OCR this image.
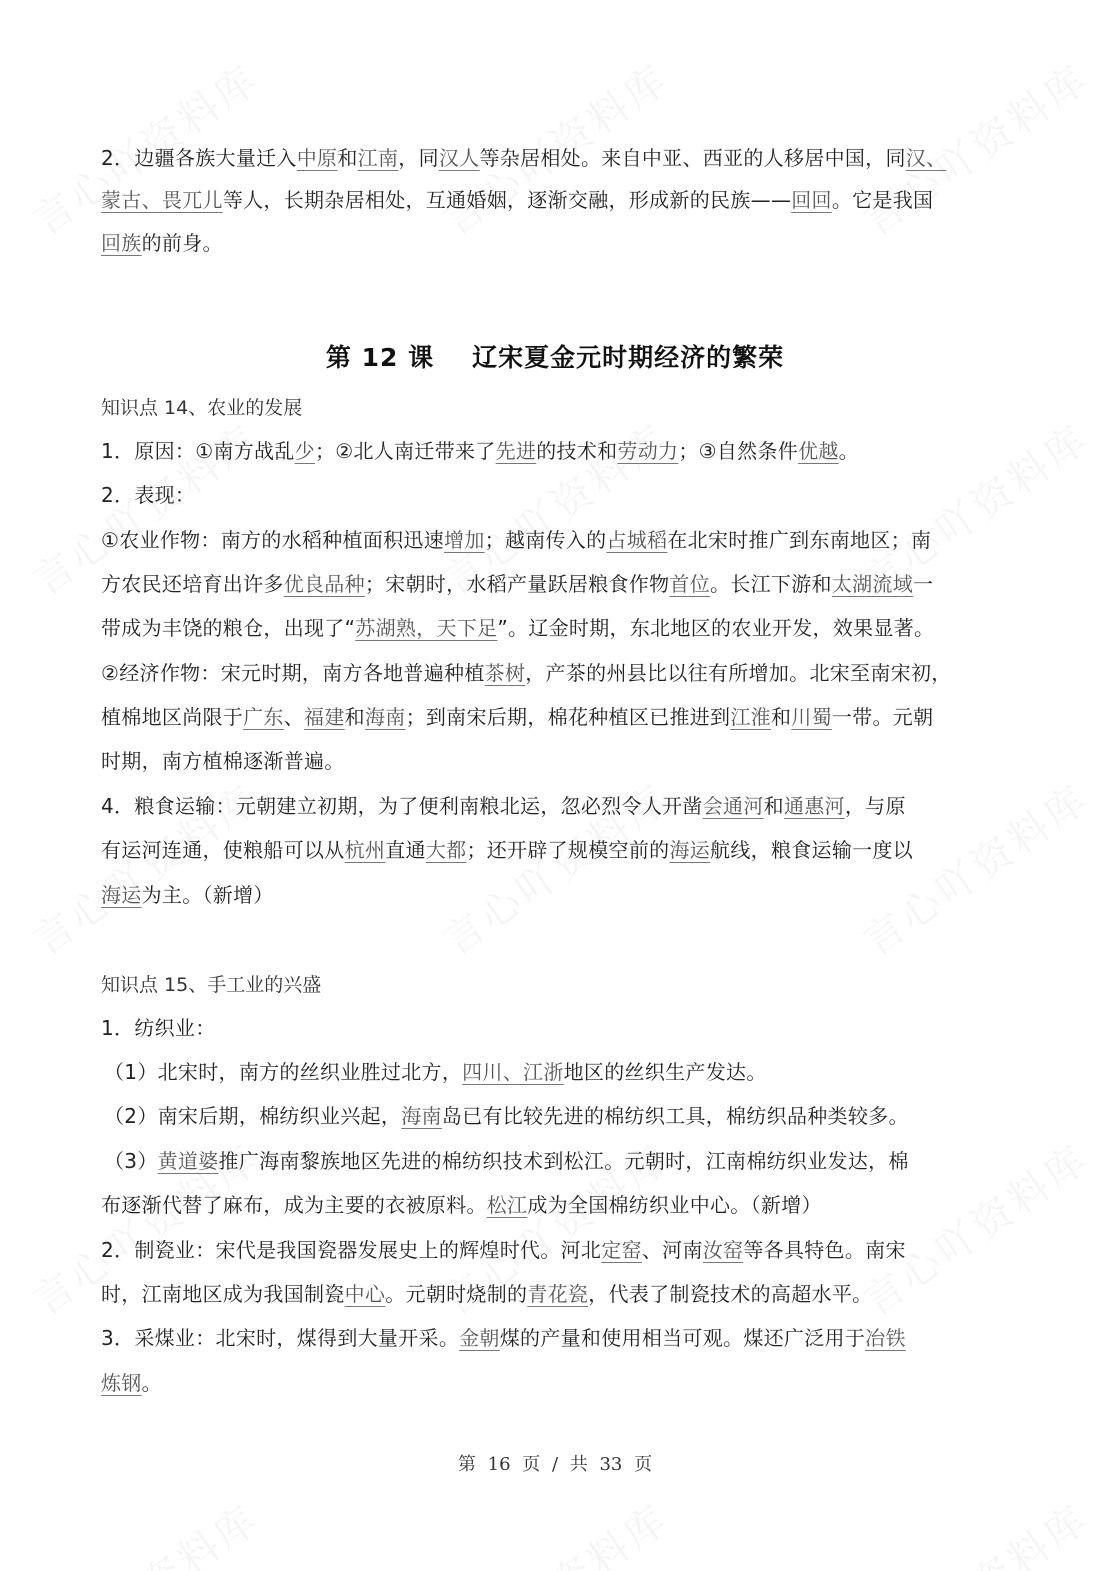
第 12 课 辽宋夏金元时期经济的繁荣
知识点 14、农业的发展
知识点 15、手工业的兴盛
2．边疆各族大量迁入中原和江南，同汉人等杂居相处。来自中亚、西亚的人移居中国，同汉、
蒙古、畏兀儿等人，长期杂居相处，互通婚姻，逐渐交融，形成新的民族——回回。它是我国
回族的前身。
1．原因：①南方战乱少；②北人南迁带来了先进的技术和劳动力；③自然条件优越。
2．表现：
①农业作物：南方的水稻种植面积迅速增加；越南传入的占城稻在北宋时推广到东南地区；南
方农民还培育出许多优良品种；宋朝时，水稻产量跃居粮食作物首位。长江下游和太湖流域一
带成为丰饶的粮仓，出现了“苏湖熟，天下足”。辽金时期，东北地区的农业开发，效果显著。
②经济作物：宋元时期，南方各地普遍种植茶树，产茶的州县比以往有所增加。北宋至南宋初，
植棉地区尚限于广东、福建和海南；到南宋后期，棉花种植区已推进到江淮和川蜀一带。元朝
时期，南方植棉逐渐普遍。
4．粮食运输：元朝建立初期，为了便利南粮北运，忽必烈令人开凿会通河和通惠河，与原
有运河连通，使粮船可以从杭州直通大都；还开辟了规模空前的海运航线，粮食运输一度以
海运为主。（新增）
1．纺织业：
（1）北宋时，南方的丝织业胜过北方，四川、江浙地区的丝织生产发达。
（2）南宋后期，棉纺织业兴起，海南岛已有比较先进的棉纺织工具，棉纺织品种类较多。
（3）黄道婆推广海南黎族地区先进的棉纺织技术到松江。元朝时，江南棉纺织业发达，棉
布逐渐代替了麻布，成为主要的衣被原料。松江成为全国棉纺织业中心。（新增）
2．制瓷业：宋代是我国瓷器发展史上的辉煌时代。河北定窑、河南汝窑等各具特色。南宋
时，江南地区成为我国制瓷中心。元朝时烧制的青花瓷，代表了制瓷技术的高超水平。
3．采煤业：北宋时，煤得到大量开采。金朝煤的产量和使用相当可观。煤还广泛用于冶铁
炼钢。
第 16 页 / 共 33 页
